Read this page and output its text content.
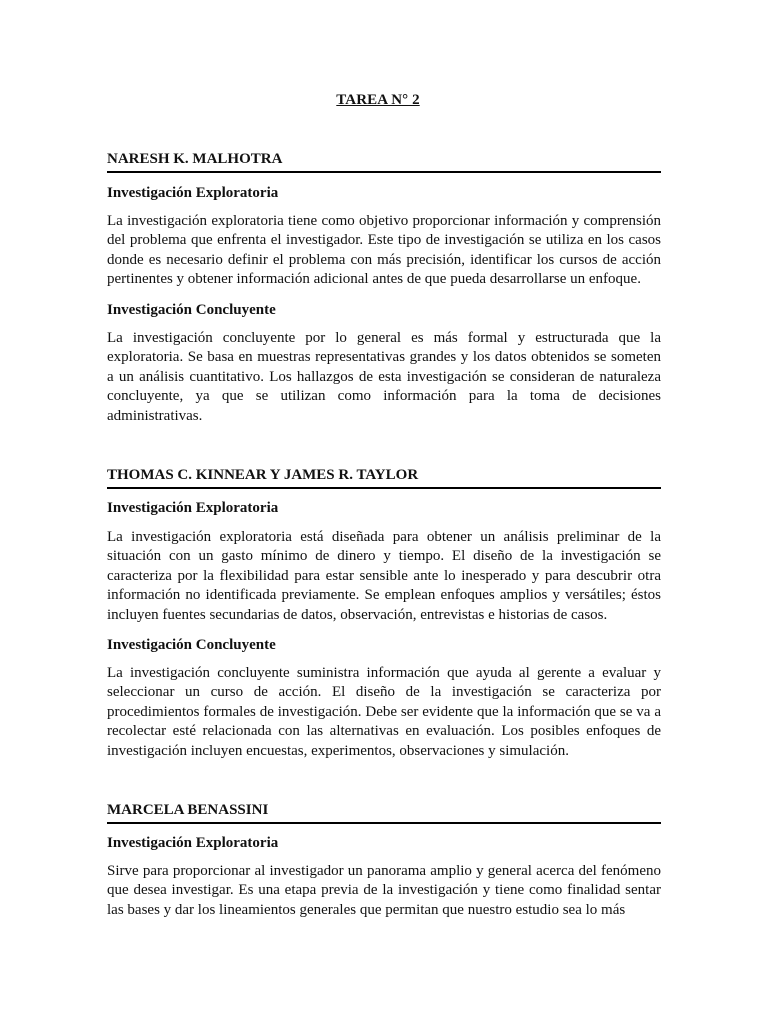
TAREA N° 2
NARESH K. MALHOTRA
Investigación Exploratoria

La investigación exploratoria tiene como objetivo proporcionar información y comprensión del problema que enfrenta el investigador. Este tipo de investigación se utiliza en los casos donde es necesario definir el problema con más precisión, identificar los cursos de acción pertinentes y obtener información adicional antes de que pueda desarrollarse un enfoque.

Investigación Concluyente

La investigación concluyente por lo general es más formal y estructurada que la exploratoria. Se basa en muestras representativas grandes y los datos obtenidos se someten a un análisis cuantitativo. Los hallazgos de esta investigación se consideran de naturaleza concluyente, ya que se utilizan como información para la toma de decisiones administrativas.

THOMAS C. KINNEAR Y JAMES R. TAYLOR
Investigación Exploratoria

La investigación exploratoria está diseñada para obtener un análisis preliminar de la situación con un gasto mínimo de dinero y tiempo. El diseño de la investigación se caracteriza por la flexibilidad para estar sensible ante lo inesperado y para descubrir otra información no identificada previamente. Se emplean enfoques amplios y versátiles; éstos incluyen fuentes secundarias de datos, observación, entrevistas e historias de casos.

Investigación Concluyente

La investigación concluyente suministra información que ayuda al gerente a evaluar y seleccionar un curso de acción. El diseño de la investigación se caracteriza por procedimientos formales de investigación. Debe ser evidente que la información que se va a recolectar esté relacionada con las alternativas en evaluación. Los posibles enfoques de investigación incluyen encuestas, experimentos, observaciones y simulación.

MARCELA BENASSINI
Investigación Exploratoria

Sirve para proporcionar al investigador un panorama amplio y general acerca del fenómeno que desea investigar. Es una etapa previa de la investigación y tiene como finalidad sentar las bases y dar los lineamientos generales que permitan que nuestro estudio sea lo más
